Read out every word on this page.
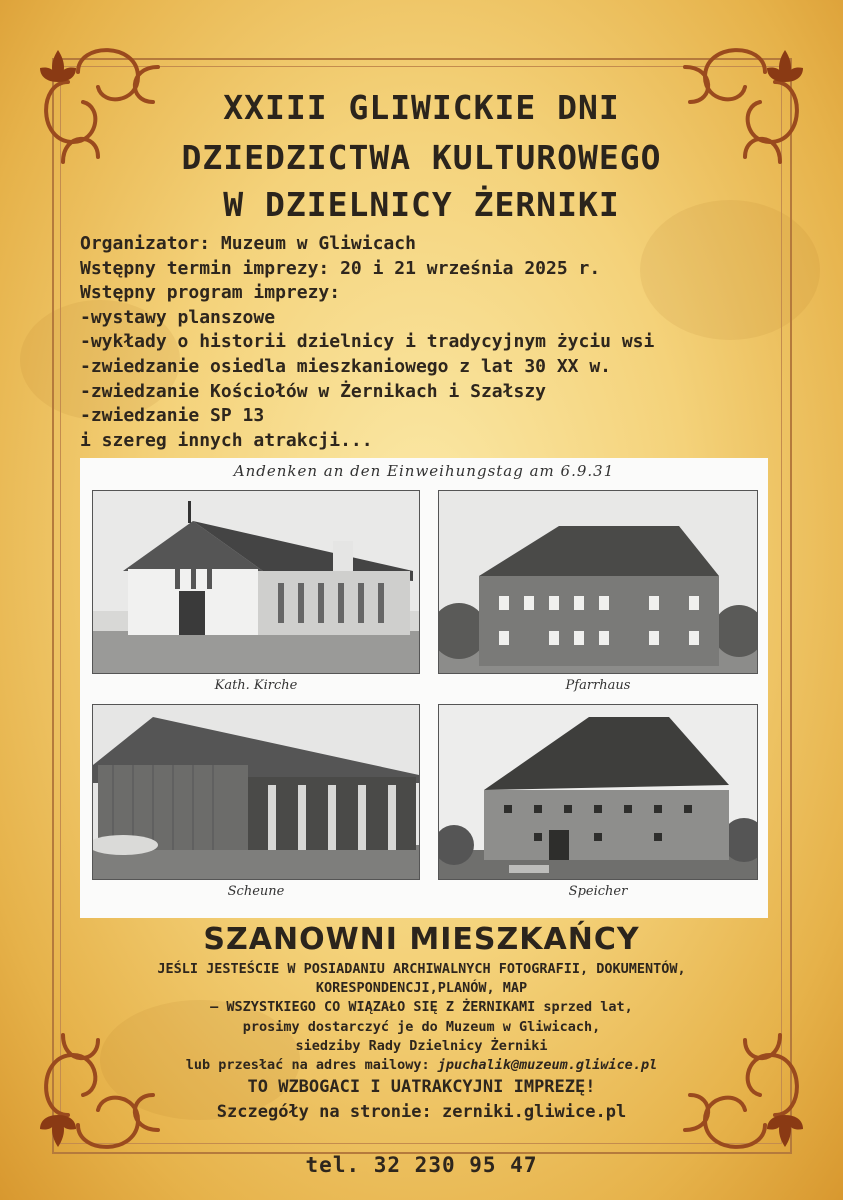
XXIII GLIWICKIE DNI
DZIEDZICTWA KULTUROWEGO
W DZIELNICY ŻERNIKI
Organizator: Muzeum w Gliwicach
Wstępny termin imprezy: 20 i 21 września 2025 r.
Wstępny program imprezy:
-wystawy planszowe
-wykłady o historii dzielnicy i tradycyjnym życiu wsi
-zwiedzanie osiedla mieszkaniowego z lat 30 XX w.
-zwiedzanie Kościołów w Żernikach i Szałszy
-zwiedzanie SP 13
i szereg innych atrakcji...
Andenken an den Einweihungstag am 6.9.31
Kath. Kirche	Pfarrhaus
Scheune	Speicher
SZANOWNI MIESZKAŃCY
JEŚLI JESTEŚCIE W POSIADANIU ARCHIWALNYCH FOTOGRAFII, DOKUMENTÓW,
KORESPONDENCJI,PLANÓW, MAP
– WSZYSTKIEGO CO WIĄZAŁO SIĘ Z ŻERNIKAMI sprzed lat,
prosimy dostarczyć je do Muzeum w Gliwicach,
siedziby Rady Dzielnicy Żerniki
lub przesłać na adres mailowy: jpuchalik@muzeum.gliwice.pl
TO WZBOGACI I UATRAKCYJNI IMPREZĘ!
Szczegóły na stronie: zerniki.gliwice.pl
tel. 32 230 95 47
